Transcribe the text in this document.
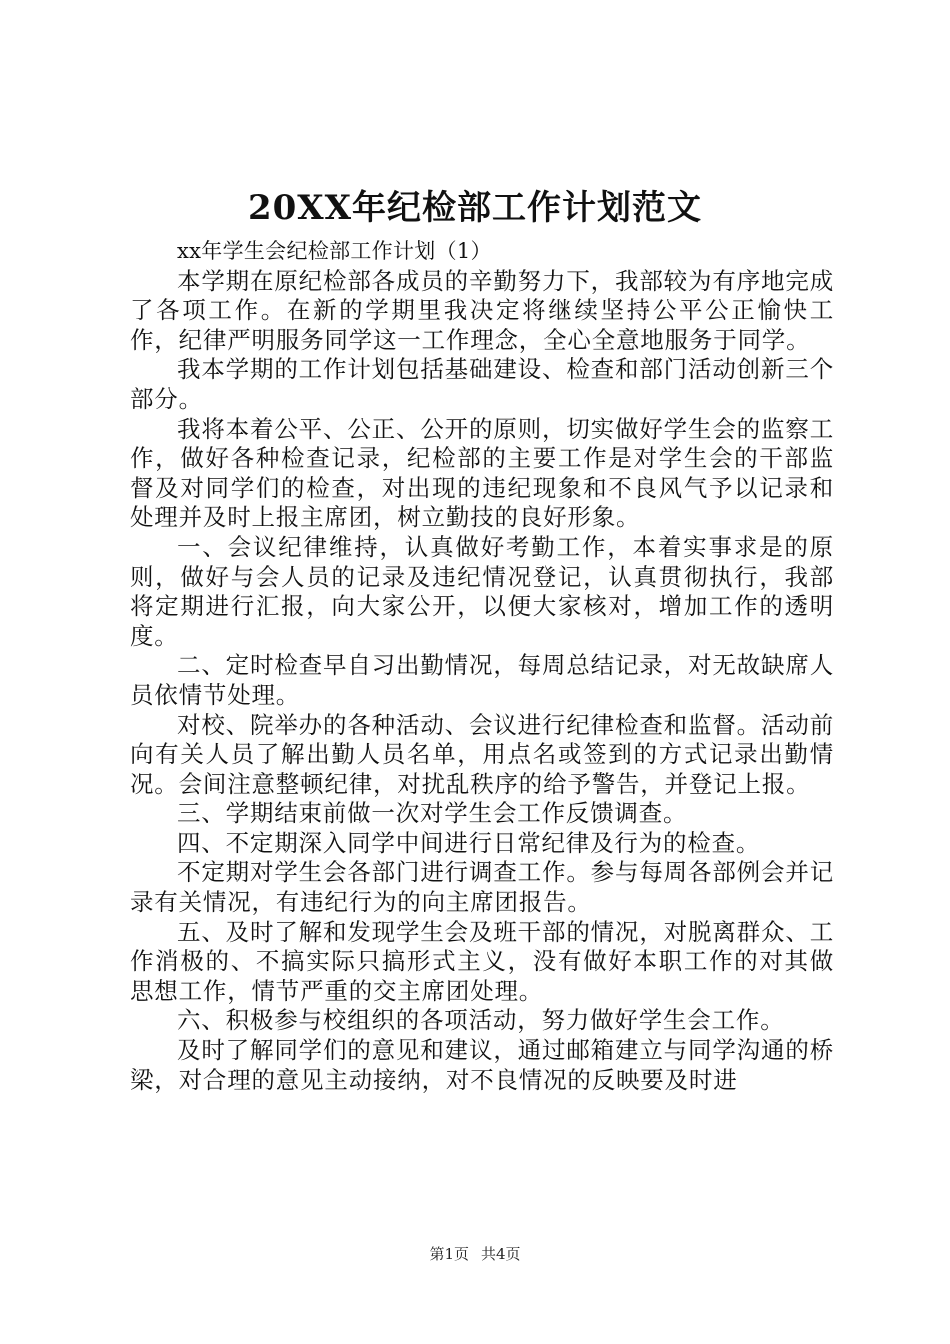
20XX年纪检部工作计划范文

xx年学生会纪检部工作计划（1）

本学期在原纪检部各成员的辛勤努力下，我部较为有序地完成了各项工作。在新的学期里我决定将继续坚持公平公正愉快工作，纪律严明服务同学这一工作理念，全心全意地服务于同学。

我本学期的工作计划包括基础建设、检查和部门活动创新三个部分。

我将本着公平、公正、公开的原则，切实做好学生会的监察工作，做好各种检查记录，纪检部的主要工作是对学生会的干部监督及对同学们的检查，对出现的违纪现象和不良风气予以记录和处理并及时上报主席团，树立勤技的良好形象。

一、会议纪律维持，认真做好考勤工作，本着实事求是的原则，做好与会人员的记录及违纪情况登记，认真贯彻执行，我部将定期进行汇报，向大家公开，以便大家核对，增加工作的透明度。

二、定时检查早自习出勤情况，每周总结记录，对无故缺席人员依情节处理。

对校、院举办的各种活动、会议进行纪律检查和监督。活动前向有关人员了解出勤人员名单，用点名或签到的方式记录出勤情况。会间注意整顿纪律，对扰乱秩序的给予警告，并登记上报。

三、学期结束前做一次对学生会工作反馈调查。

四、不定期深入同学中间进行日常纪律及行为的检查。

不定期对学生会各部门进行调查工作。参与每周各部例会并记录有关情况，有违纪行为的向主席团报告。

五、及时了解和发现学生会及班干部的情况，对脱离群众、工作消极的、不搞实际只搞形式主义，没有做好本职工作的对其做思想工作，情节严重的交主席团处理。

六、积极参与校组织的各项活动，努力做好学生会工作。

及时了解同学们的意见和建议，通过邮箱建立与同学沟通的桥梁，对合理的意见主动接纳，对不良情况的反映要及时进

第1页 共4页
